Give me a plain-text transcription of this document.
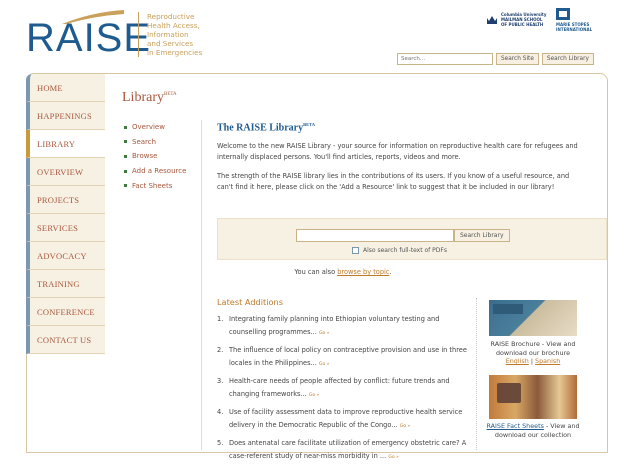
RAISE
Reproductive
Health Access,
Information
and Services
in Emergencies
Columbia University
MAILMAN SCHOOL
OF PUBLIC HEALTH	MARIE STOPES
INTERNATIONAL
Search...
Search Site	Search Library
HOME
HAPPENINGS
LIBRARY
OVERVIEW
PROJECTS
SERVICES
ADVOCACY
TRAINING
CONFERENCE
CONTACT US
Library$^{BETA}$
Overview
Search
Browse
Add a Resource
Fact Sheets
The RAISE Library$^{BETA}$

Welcome to the new RAISE Library - your source for information on reproductive health care for refugees and internally displaced persons. You'll find articles, reports, videos and more.

The strength of the RAISE library lies in the contributions of its users. If you know of a useful resource, and can't find it here, please click on the 'Add a Resource' link to suggest that it be included in our library!

Search Library
Also search full-text of PDFs
You can also browse by topic.
Latest Additions
1. Integrating family planning into Ethiopian voluntary testing and counselling programmes... Go »
2. The influence of local policy on contraceptive provision and use in three locales in the Philippines... Go »
3. Health-care needs of people affected by conflict: future trends and changing frameworks... Go »
4. Use of facility assessment data to improve reproductive health service delivery in the Democratic Republic of the Congo... Go »
5. Does antenatal care facilitate utilization of emergency obstetric care? A case-referent study of near-miss morbidity in ... Go »
RAISE Brochure - View and download our brochure
English | Spanish
RAISE Fact Sheets - View and download our collection
